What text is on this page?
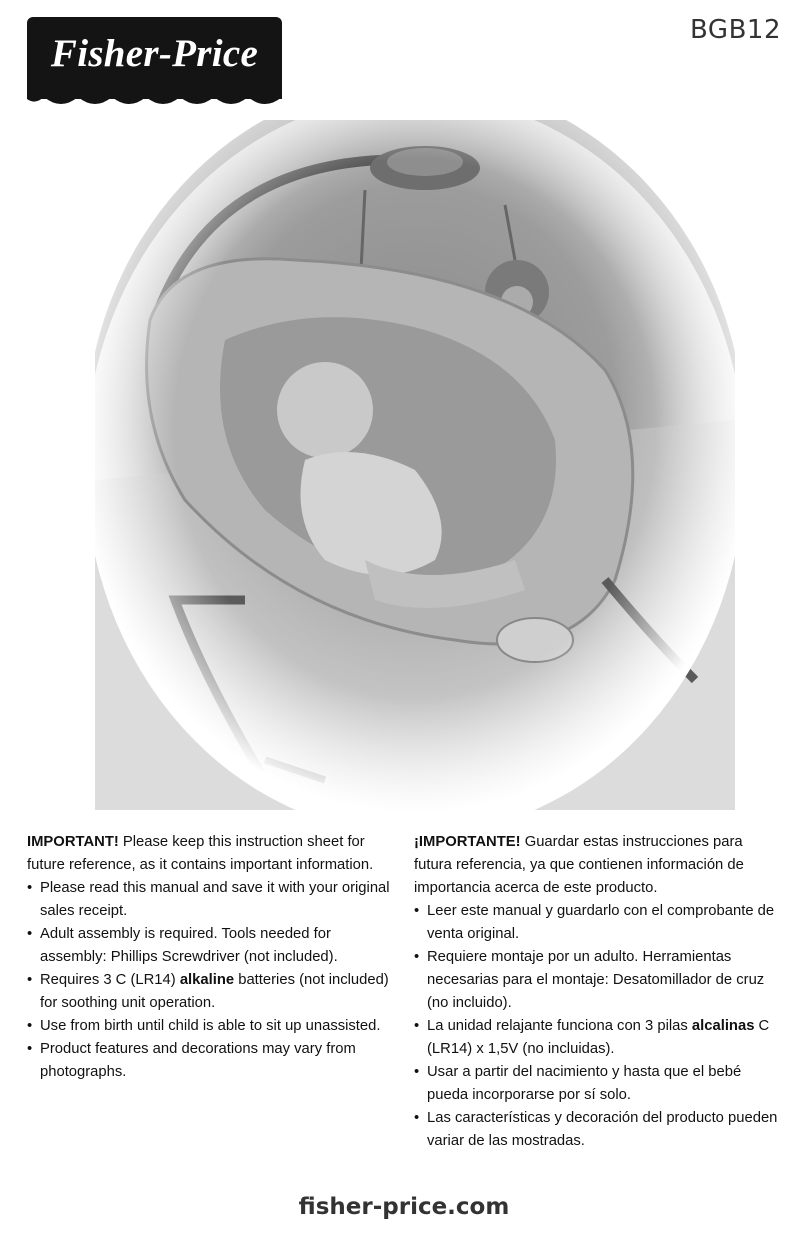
Fisher-Price
BGB12

IMPORTANT! Please keep this instruction sheet for future reference, as it contains important information.

• Please read this manual and save it with your original sales receipt.
• Adult assembly is required. Tools needed for assembly: Phillips Screwdriver (not included).
• Requires 3 C (LR14) alkaline batteries (not included) for soothing unit operation.
• Use from birth until child is able to sit up unassisted.
• Product features and decorations may vary from photographs.

¡IMPORTANTE! Guardar estas instrucciones para futura referencia, ya que contienen información de importancia acerca de este producto.

• Leer este manual y guardarlo con el comprobante de venta original.
• Requiere montaje por un adulto. Herramientas necesarias para el montaje: Desatomillador de cruz (no incluido).
• La unidad relajante funciona con 3 pilas alcalinas C (LR14) x 1,5V (no incluidas).
• Usar a partir del nacimiento y hasta que el bebé pueda incorporarse por sí solo.
• Las características y decoración del producto pueden variar de las mostradas.
fisher-price.com
